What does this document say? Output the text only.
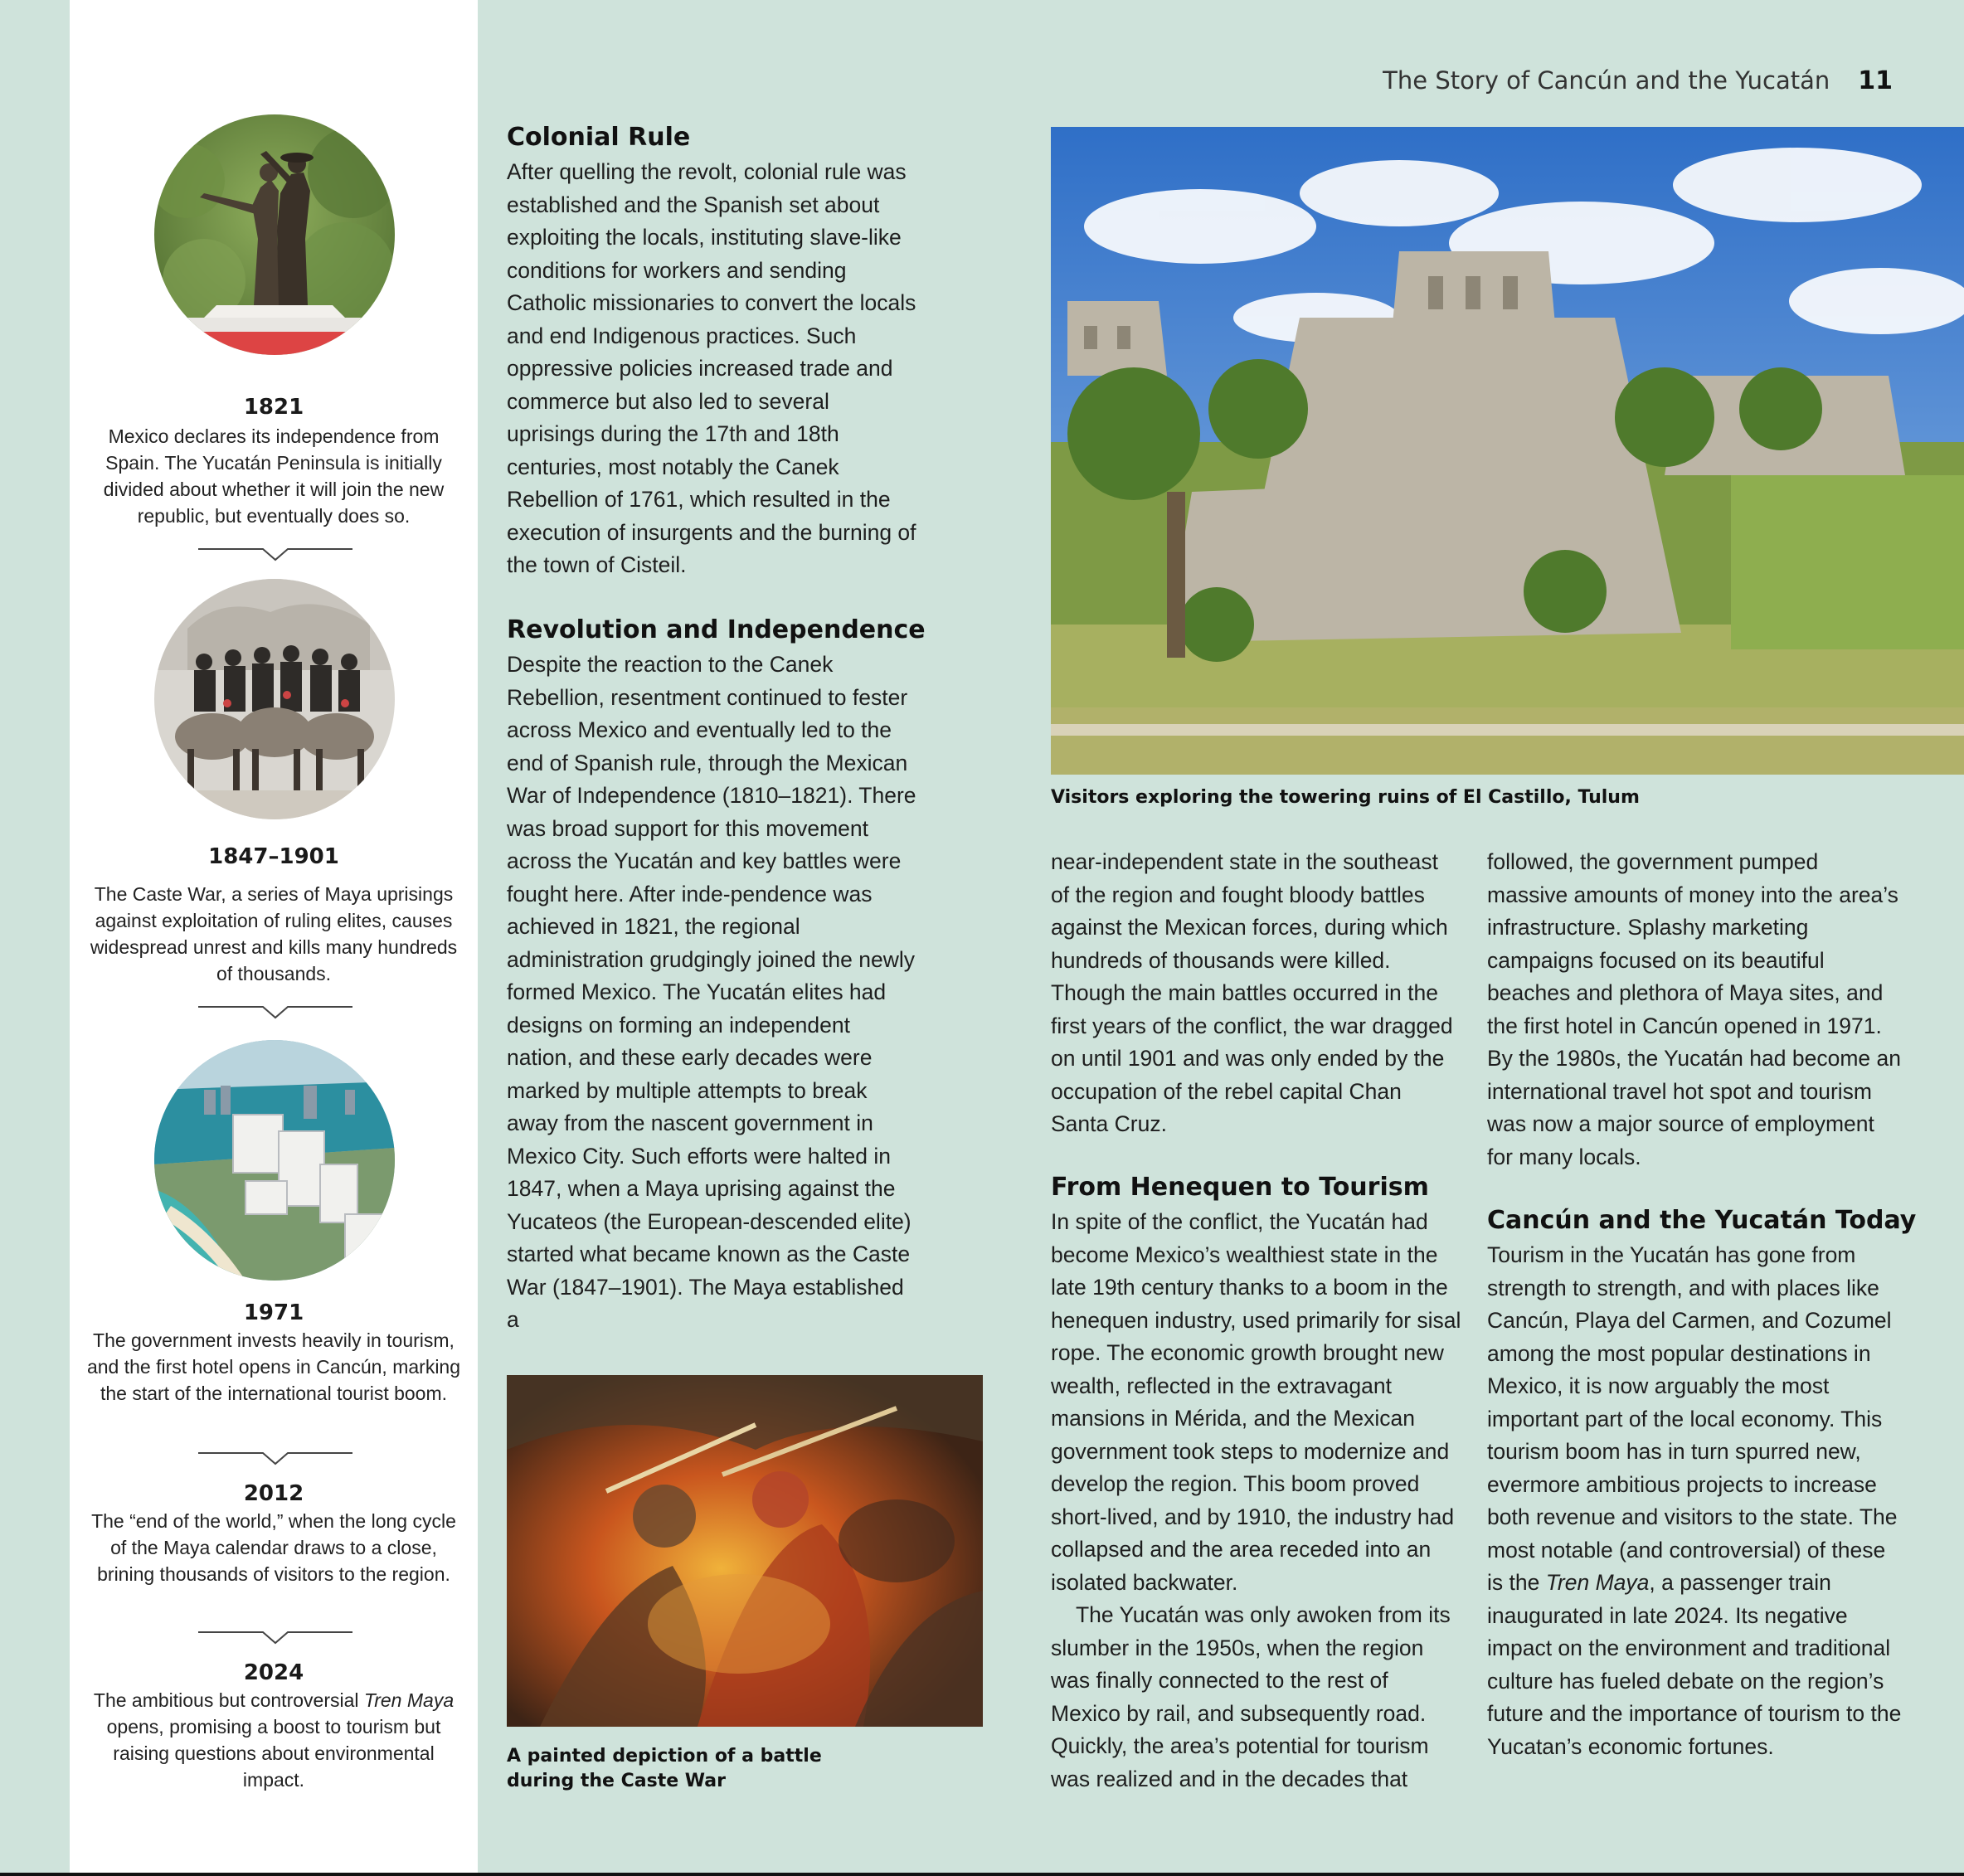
1821
Mexico declares its independence from Spain. The Yucatán Peninsula is initially divided about whether it will join the new republic, but eventually does so.
1847–1901
The Caste War, a series of Maya uprisings against exploitation of ruling elites, causes widespread unrest and kills many hundreds of thousands.
1971
The government invests heavily in tourism, and the first hotel opens in Cancún, marking the start of the international tourist boom.
2012
The “end of the world,” when the long cycle of the Maya calendar draws to a close, brining thousands of visitors to the region.
2024
The ambitious but controversial Tren Maya opens, promising a boost to tourism but raising questions about environmental impact.
The Story of Cancún and the Yucatán 11
Colonial Rule
After quelling the revolt, colonial rule was established and the Spanish set about exploiting the locals, instituting slave-like conditions for workers and sending Catholic missionaries to convert the locals and end Indigenous practices. Such oppressive policies increased trade and commerce but also led to several uprisings during the 17th and 18th centuries, most notably the Canek Rebellion of 1761, which resulted in the execution of insurgents and the burning of the town of Cisteil.
Revolution and Independence
Despite the reaction to the Canek Rebellion, resentment continued to fester across Mexico and eventually led to the end of Spanish rule, through the Mexican War of Independence (1810–1821). There was broad support for this movement across the Yucatán and key battles were fought here. After inde-pendence was achieved in 1821, the regional administration grudgingly joined the newly formed Mexico. The Yucatán elites had designs on forming an independent nation, and these early decades were marked by multiple attempts to break away from the nascent government in Mexico City. Such efforts were halted in 1847, when a Maya uprising against the Yucateos (the European-descended elite) started what became known as the Caste War (1847–1901). The Maya established a
A painted depiction of a battle
during the Caste War
Visitors exploring the towering ruins of El Castillo, Tulum
near-independent state in the southeast of the region and fought bloody battles against the Mexican forces, during which hundreds of thousands were killed. Though the main battles occurred in the first years of the conflict, the war dragged on until 1901 and was only ended by the occupation of the rebel capital Chan Santa Cruz.
From Henequen to Tourism

In spite of the conflict, the Yucatán had become Mexico’s wealthiest state in the late 19th century thanks to a boom in the henequen industry, used primarily for sisal rope. The economic growth brought new wealth, reflected in the extravagant mansions in Mérida, and the Mexican government took steps to modernize and develop the region. This boom proved short-lived, and by 1910, the industry had collapsed and the area receded into an isolated backwater.

The Yucatán was only awoken from its slumber in the 1950s, when the region was finally connected to the rest of Mexico by rail, and subsequently road. Quickly, the area’s potential for tourism was realized and in the decades that

followed, the government pumped massive amounts of money into the area’s infrastructure. Splashy marketing campaigns focused on its beautiful beaches and plethora of Maya sites, and the first hotel in Cancún opened in 1971. By the 1980s, the Yucatán had become an international travel hot spot and tourism was now a major source of employment for many locals.
Cancún and the Yucatán Today
Tourism in the Yucatán has gone from strength to strength, and with places like Cancún, Playa del Carmen, and Cozumel among the most popular destinations in Mexico, it is now arguably the most important part of the local economy. This tourism boom has in turn spurred new, evermore ambitious projects to increase both revenue and visitors to the state. The most notable (and controversial) of these is the Tren Maya, a passenger train inaugurated in late 2024. Its negative impact on the environment and traditional culture has fueled debate on the region’s future and the importance of tourism to the Yucatan’s economic fortunes.
